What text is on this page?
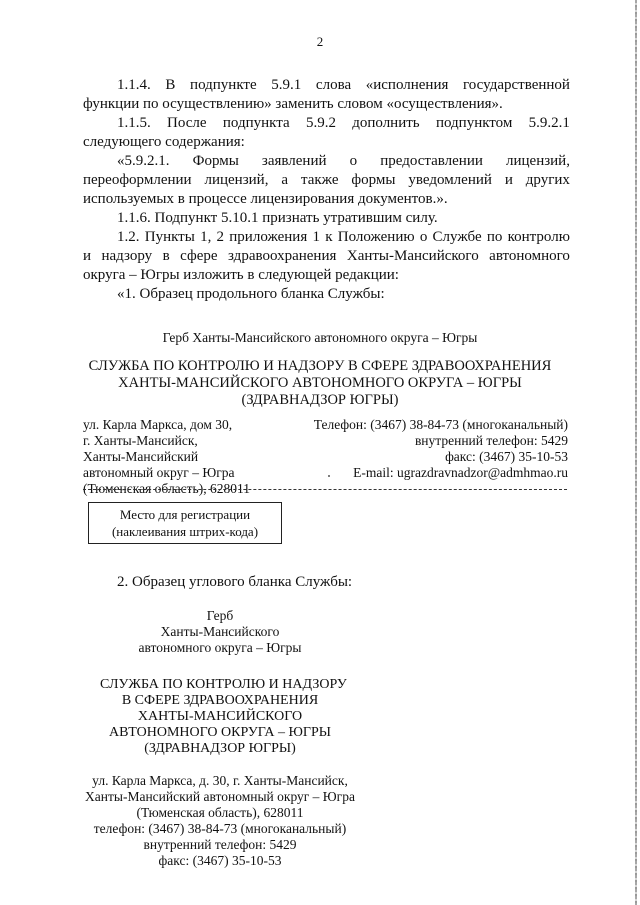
2
1.1.4. В подпункте 5.9.1 слова «исполнения государственной
функции по осуществлению» заменить словом «осуществления».
1.1.5. После подпункта 5.9.2 дополнить подпунктом 5.9.2.1
следующего содержания:
«5.9.2.1. Формы заявлений о предоставлении лицензий,
переоформлении лицензий, а также формы уведомлений и других
используемых в процессе лицензирования документов.».
1.1.6. Подпункт 5.10.1 признать утратившим силу.
1.2. Пункты 1, 2 приложения 1 к Положению о Службе по контролю
и надзору в сфере здравоохранения Ханты-Мансийского автономного
округа – Югры изложить в следующей редакции:
«1. Образец продольного бланка Службы:
Герб Ханты-Мансийского автономного округа – Югры
СЛУЖБА ПО КОНТРОЛЮ И НАДЗОРУ В СФЕРЕ ЗДРАВООХРАНЕНИЯ
ХАНТЫ-МАНСИЙСКОГО АВТОНОМНОГО ОКРУГА – ЮГРЫ
(ЗДРАВНАДЗОР ЮГРЫ)
ул. Карла Маркса, дом 30,
г. Ханты-Мансийск,
Ханты-Мансийский
автономный округ – Югра
(Тюменская область), 628011
Телефон: (3467) 38-84-73 (многоканальный)
внутренний телефон: 5429
факс: (3467) 35-10-53
E-mail: ugrazdravnadzor@admhmao.ru
Место для регистрации
(наклеивания штрих-кода)
2. Образец углового бланка Службы:
Герб
Ханты-Мансийского
автономного округа – Югры
СЛУЖБА ПО КОНТРОЛЮ И НАДЗОРУ
В СФЕРЕ ЗДРАВООХРАНЕНИЯ
ХАНТЫ-МАНСИЙСКОГО
АВТОНОМНОГО ОКРУГА – ЮГРЫ
(ЗДРАВНАДЗОР ЮГРЫ)
ул. Карла Маркса, д. 30, г. Ханты-Мансийск,
Ханты-Мансийский автономный округ – Югра
(Тюменская область), 628011
телефон: (3467) 38-84-73 (многоканальный)
внутренний телефон: 5429
факс: (3467) 35-10-53
